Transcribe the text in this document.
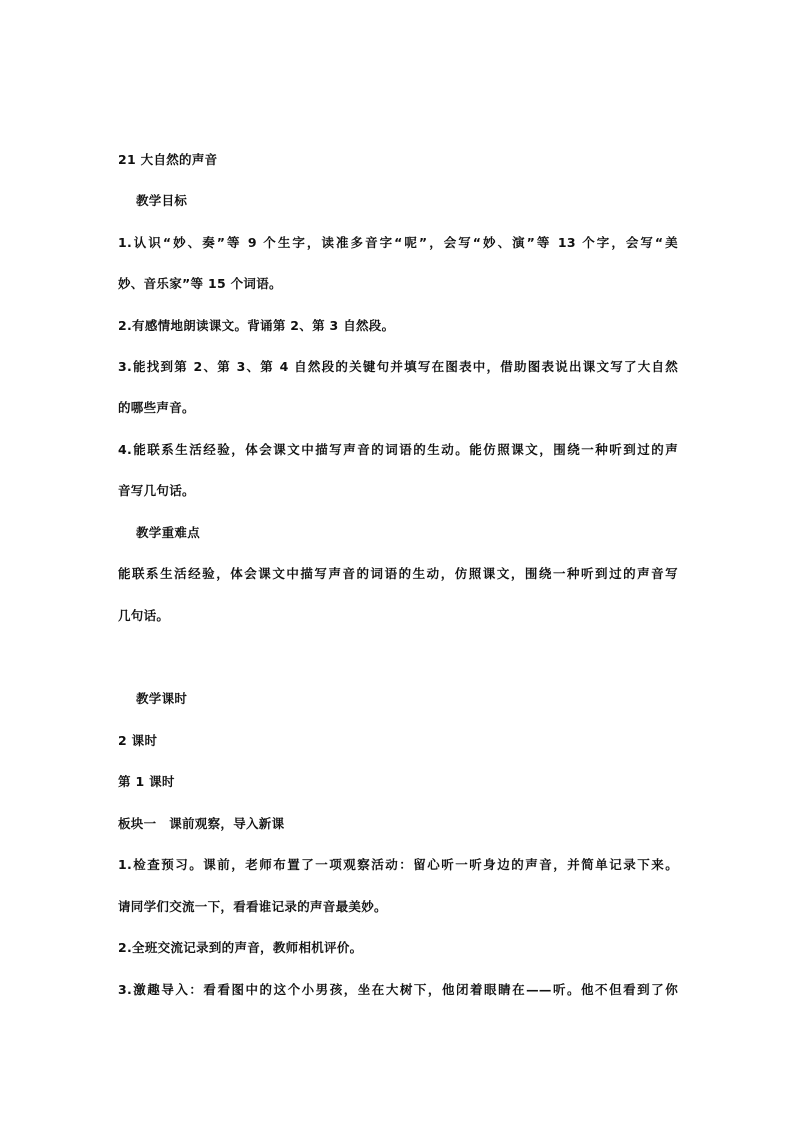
21 大自然的声音
教学目标
1.认识“妙、奏”等 9 个生字，读准多音字“呢”，会写“妙、演”等 13 个字，会写“美
妙、音乐家”等 15 个词语。
2.有感情地朗读课文。背诵第 2、第 3 自然段。
3.能找到第 2、第 3、第 4 自然段的关键句并填写在图表中，借助图表说出课文写了大自然
的哪些声音。
4.能联系生活经验，体会课文中描写声音的词语的生动。能仿照课文，围绕一种听到过的声
音写几句话。
教学重难点
能联系生活经验，体会课文中描写声音的词语的生动，仿照课文，围绕一种听到过的声音写
几句话。
教学课时
2 课时
第 1 课时
板块一　课前观察，导入新课
1.检查预习。课前，老师布置了一项观察活动：留心听一听身边的声音，并简单记录下来。
请同学们交流一下，看看谁记录的声音最美妙。
2.全班交流记录到的声音，教师相机评价。
3.激趣导入：看看图中的这个小男孩，坐在大树下，他闭着眼睛在——听。他不但看到了你
